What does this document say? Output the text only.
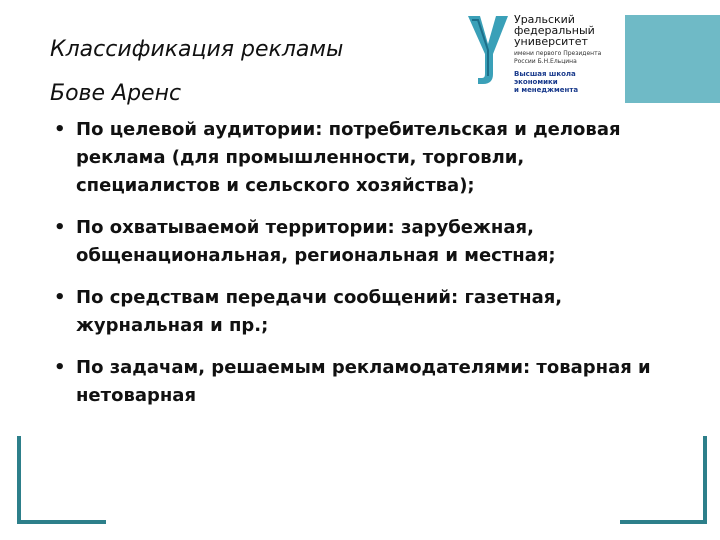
Классификация рекламы
Бове Аренс
Уральский
федеральный
университет
имени первого Президента
России Б.Н.Ельцина
Высшая школа
экономики
и менеджмента
• По целевой аудитории: потребительская и деловая реклама (для промышленности, торговли, специалистов и сельского хозяйства);
• По охватываемой территории: зарубежная, общенациональная, региональная и местная;
• По средствам передачи сообщений: газетная, журнальная и пр.;
• По задачам, решаемым рекламодателями: товарная и нетоварная
